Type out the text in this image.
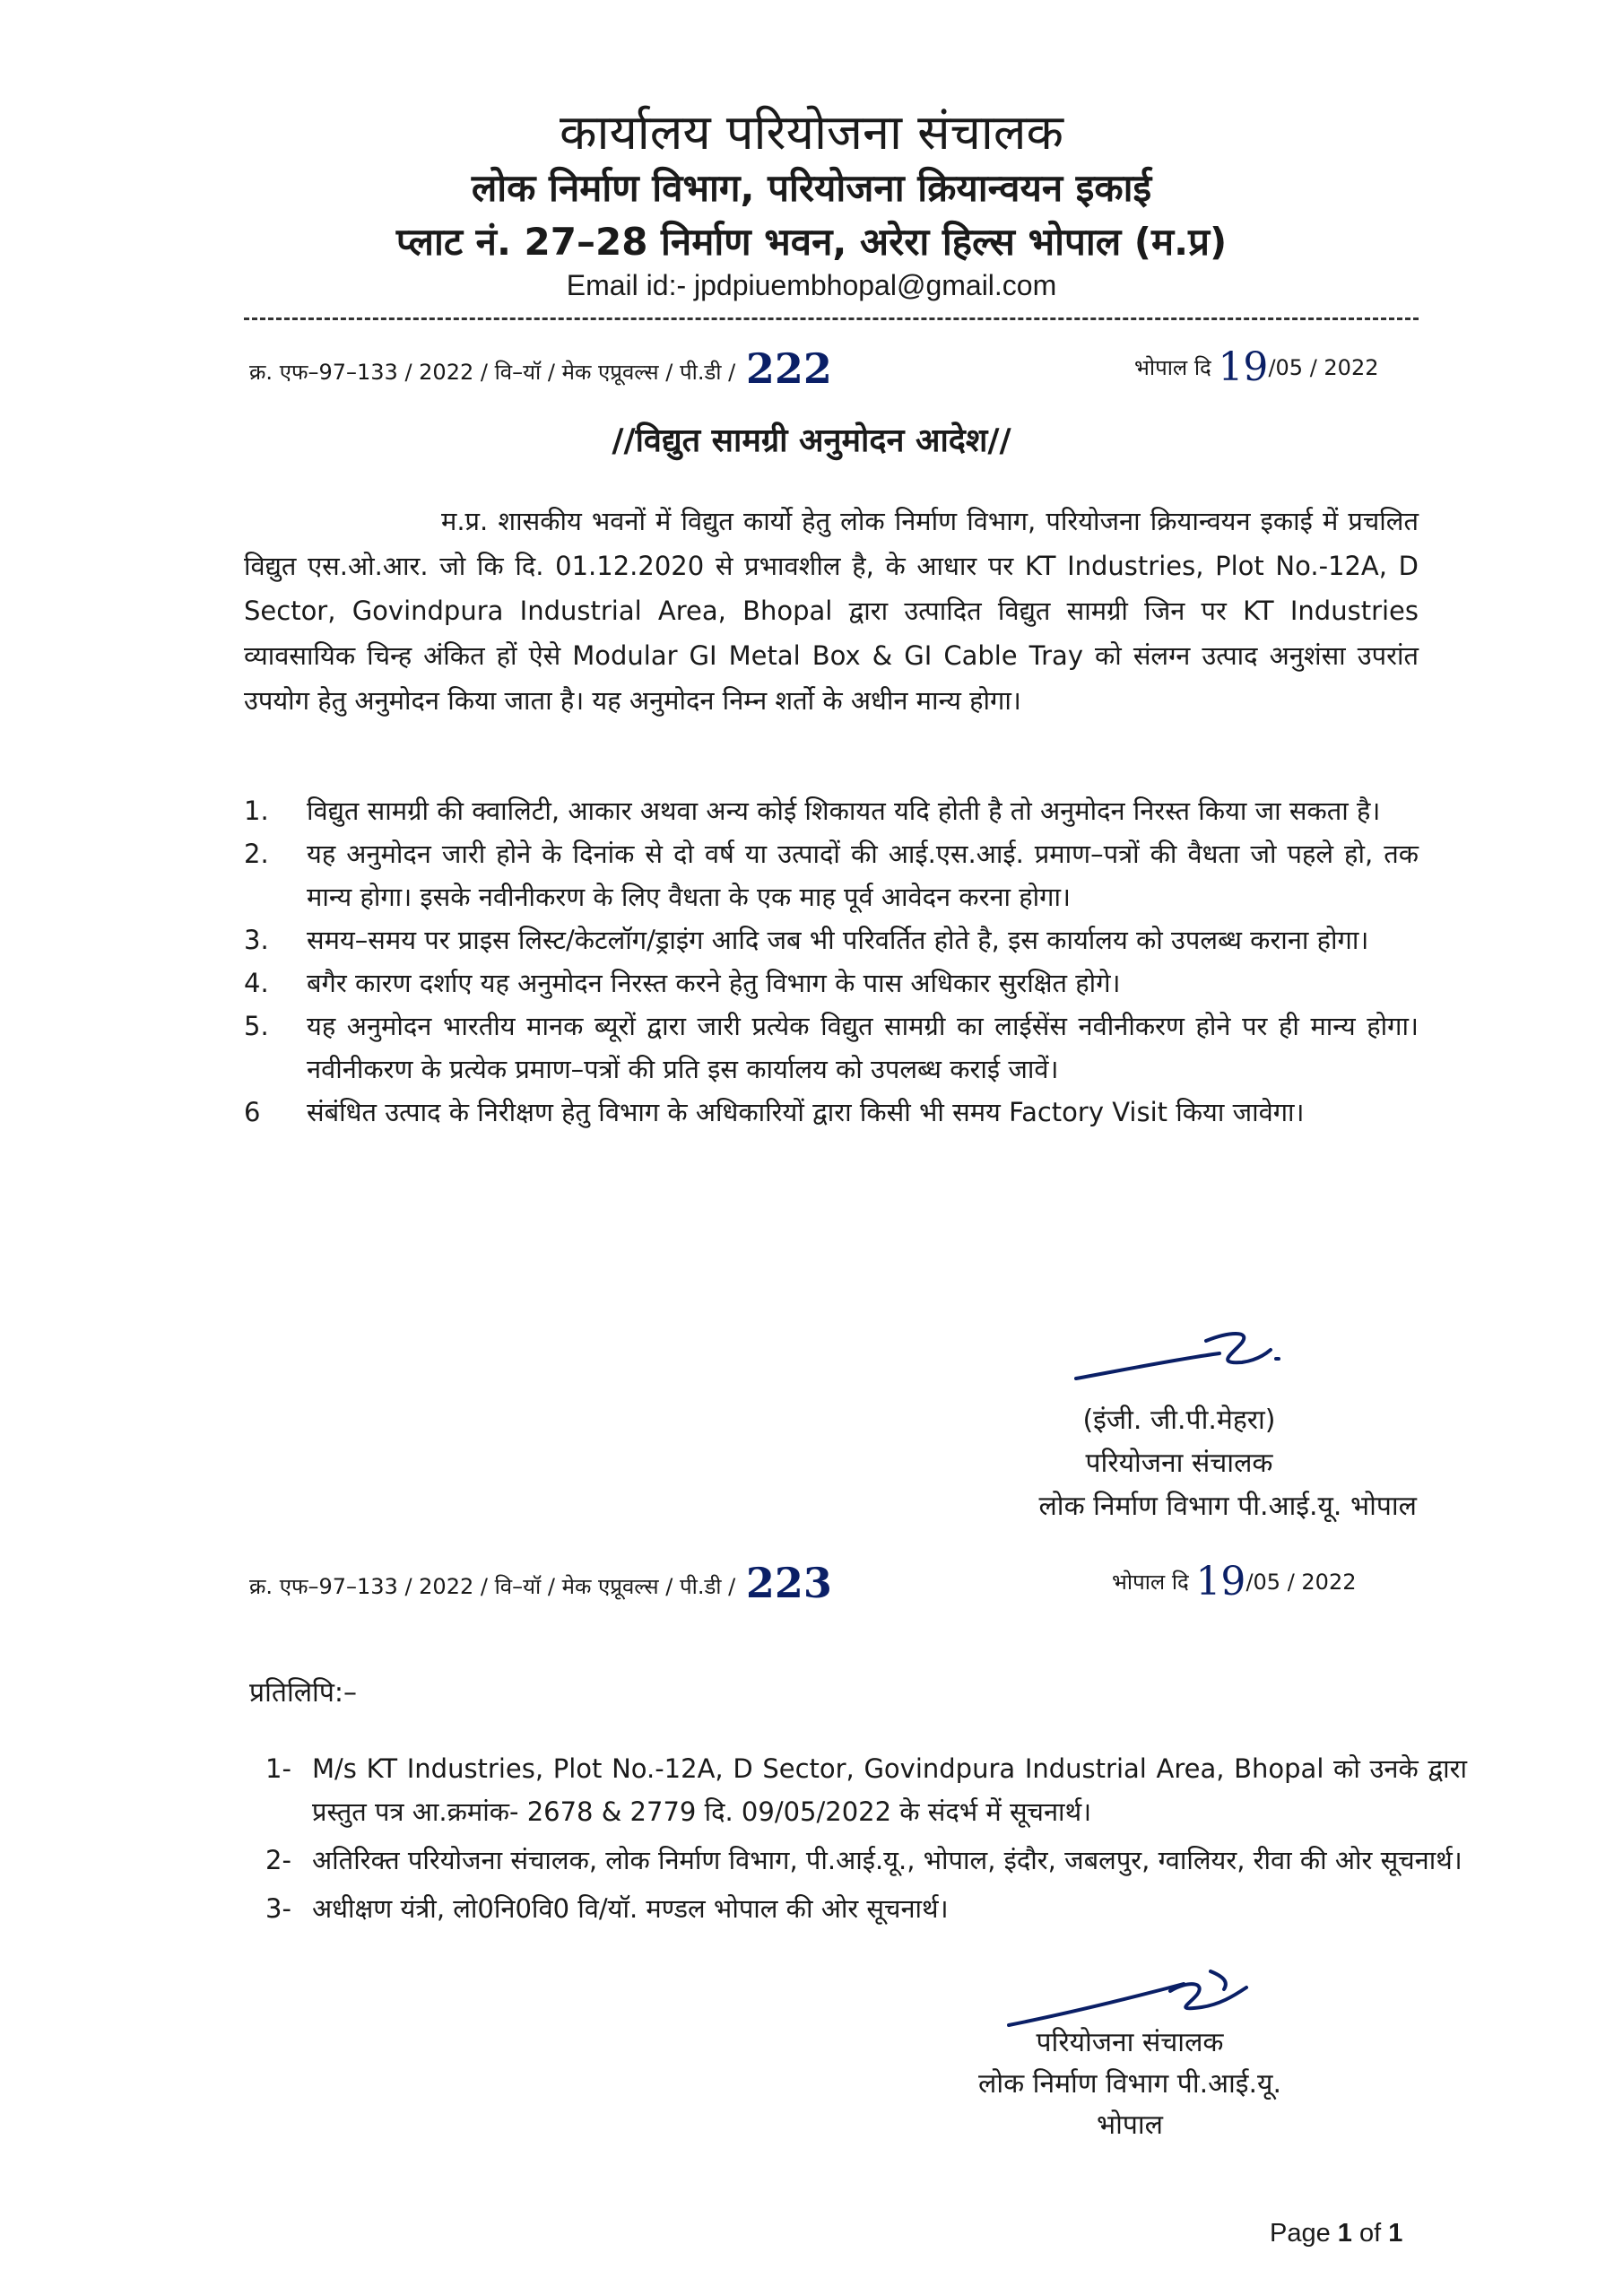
कार्यालय परियोजना संचालक
लोक निर्माण विभाग, परियोजना क्रियान्वयन इकाई
प्लाट नं. 27–28 निर्माण भवन, अरेरा हिल्स भोपाल (म.प्र)
Email id:- jpdpiuembhopal@gmail.com
क्र. एफ–97–133 / 2022 / वि–यॉ / मेक एप्रूवल्स / पी.डी / 222	भोपाल दि 19/05 / 2022
//विद्युत सामग्री अनुमोदन आदेश//
म.प्र. शासकीय भवनों में विद्युत कार्यो हेतु लोक निर्माण विभाग, परियोजना क्रियान्वयन इकाई में प्रचलित विद्युत एस.ओ.आर. जो कि दि. 01.12.2020 से प्रभावशील है, के आधार पर KT Industries, Plot No.-12A, D Sector, Govindpura Industrial Area, Bhopal द्वारा उत्पादित विद्युत सामग्री जिन पर KT Industries व्यावसायिक चिन्ह अंकित हों ऐसे Modular GI Metal Box & GI Cable Tray को संलग्न उत्पाद अनुशंसा उपरांत उपयोग हेतु अनुमोदन किया जाता है। यह अनुमोदन निम्न शर्तो के अधीन मान्य होगा।
1.	विद्युत सामग्री की क्वालिटी, आकार अथवा अन्य कोई शिकायत यदि होती है तो अनुमोदन निरस्त किया जा सकता है।
2.	यह अनुमोदन जारी होने के दिनांक से दो वर्ष या उत्पादों की आई.एस.आई. प्रमाण–पत्रों की वैधता जो पहले हो, तक मान्य होगा। इसके नवीनीकरण के लिए वैधता के एक माह पूर्व आवेदन करना होगा।
3.	समय–समय पर प्राइस लिस्ट/केटलॉग/ड्राइंग आदि जब भी परिवर्तित होते है, इस कार्यालय को उपलब्ध कराना होगा।
4.	बगैर कारण दर्शाए यह अनुमोदन निरस्त करने हेतु विभाग के पास अधिकार सुरक्षित होगे।
5.	यह अनुमोदन भारतीय मानक ब्यूरों द्वारा जारी प्रत्येक विद्युत सामग्री का लाईसेंस नवीनीकरण होने पर ही मान्य होगा। नवीनीकरण के प्रत्येक प्रमाण–पत्रों की प्रति इस कार्यालय को उपलब्ध कराई जावें।
6	संबंधित उत्पाद के निरीक्षण हेतु विभाग के अधिकारियों द्वारा किसी भी समय Factory Visit किया जावेगा।
(इंजी. जी.पी.मेहरा)
परियोजना संचालक
लोक निर्माण विभाग पी.आई.यू. भोपाल
क्र. एफ–97–133 / 2022 / वि–यॉ / मेक एप्रूवल्स / पी.डी / 223	भोपाल दि 19/05 / 2022
प्रतिलिपि:–
1- M/s KT Industries, Plot No.-12A, D Sector, Govindpura Industrial Area, Bhopal को उनके द्वारा प्रस्तुत पत्र आ.क्रमांक- 2678 & 2779 दि. 09/05/2022 के संदर्भ में सूचनार्थ।
2- अतिरिक्त परियोजना संचालक, लोक निर्माण विभाग, पी.आई.यू., भोपाल, इंदौर, जबलपुर, ग्वालियर, रीवा की ओर सूचनार्थ।
3- अधीक्षण यंत्री, लो0नि0वि0 वि/यॉ. मण्डल भोपाल की ओर सूचनार्थ।
परियोजना संचालक
लोक निर्माण विभाग पी.आई.यू.
भोपाल
Page 1 of 1
